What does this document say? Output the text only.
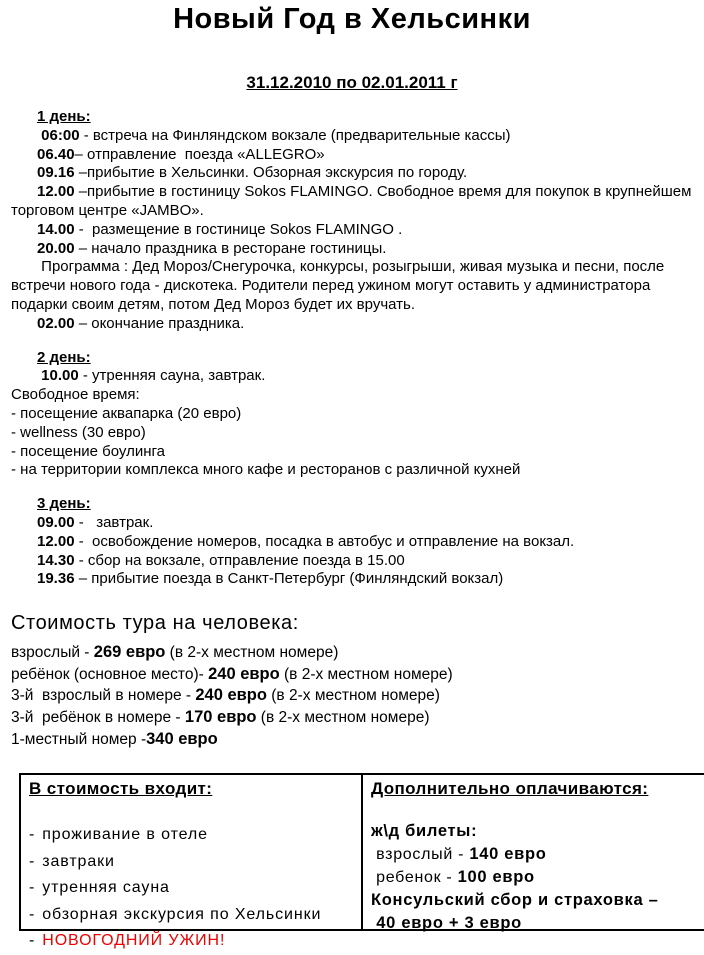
Новый Год в Хельсинки
31.12.2010 по 02.01.2011 г
1 день:
06:00 - встреча на Финляндском вокзале (предварительные кассы)
06.40– отправление  поезда «ALLEGRO»
09.16 –прибытие в Хельсинки. Обзорная экскурсия по городу.
12.00 –прибытие в гостиницу Sokos FLAMINGO. Свободное время для покупок в крупнейшем торговом центре «JAMBO».
14.00 -  размещение в гостинице Sokos FLAMINGO .
20.00 – начало праздника в ресторане гостиницы.
Программа : Дед Мороз/Снегурочка, конкурсы, розыгрыши, живая музыка и песни, после встречи нового года - дискотека. Родители перед ужином могут оставить у администратора подарки своим детям, потом Дед Мороз будет их вручать.
02.00 – окончание праздника.
2 день:
10.00 - утренняя сауна, завтрак.
Свободное время:
- посещение аквапарка (20 евро)
- wellness (30 евро)
- посещение боулинга
- на территории комплекса много кафе и ресторанов с различной кухней
3 день:
09.00 -   завтрак.
12.00 -  освобождение номеров, посадка в автобус и отправление на вокзал.
14.30 - сбор на вокзале, отправление поезда в 15.00
19.36 – прибытие поезда в Санкт-Петербург (Финляндский вокзал)
Стоимость тура на человека:
взрослый - 269 евро (в 2-х местном номере)
ребёнок (основное место)- 240 евро (в 2-х местном номере)
3-й  взрослый в номере - 240 евро (в 2-х местном номере)
3-й  ребёнок в номере - 170 евро (в 2-х местном номере)
1-местный номер -340 евро
В стоимость входит:
- проживание в отеле
- завтраки
- утренняя сауна
- обзорная экскурсия по Хельсинки
- НОВОГОДНИЙ УЖИН!
Дополнительно оплачиваются:
ж\д билеты:
взрослый - 140 евро
ребенок - 100 евро
Консульский сбор и страховка –
40 евро + 3 евро
